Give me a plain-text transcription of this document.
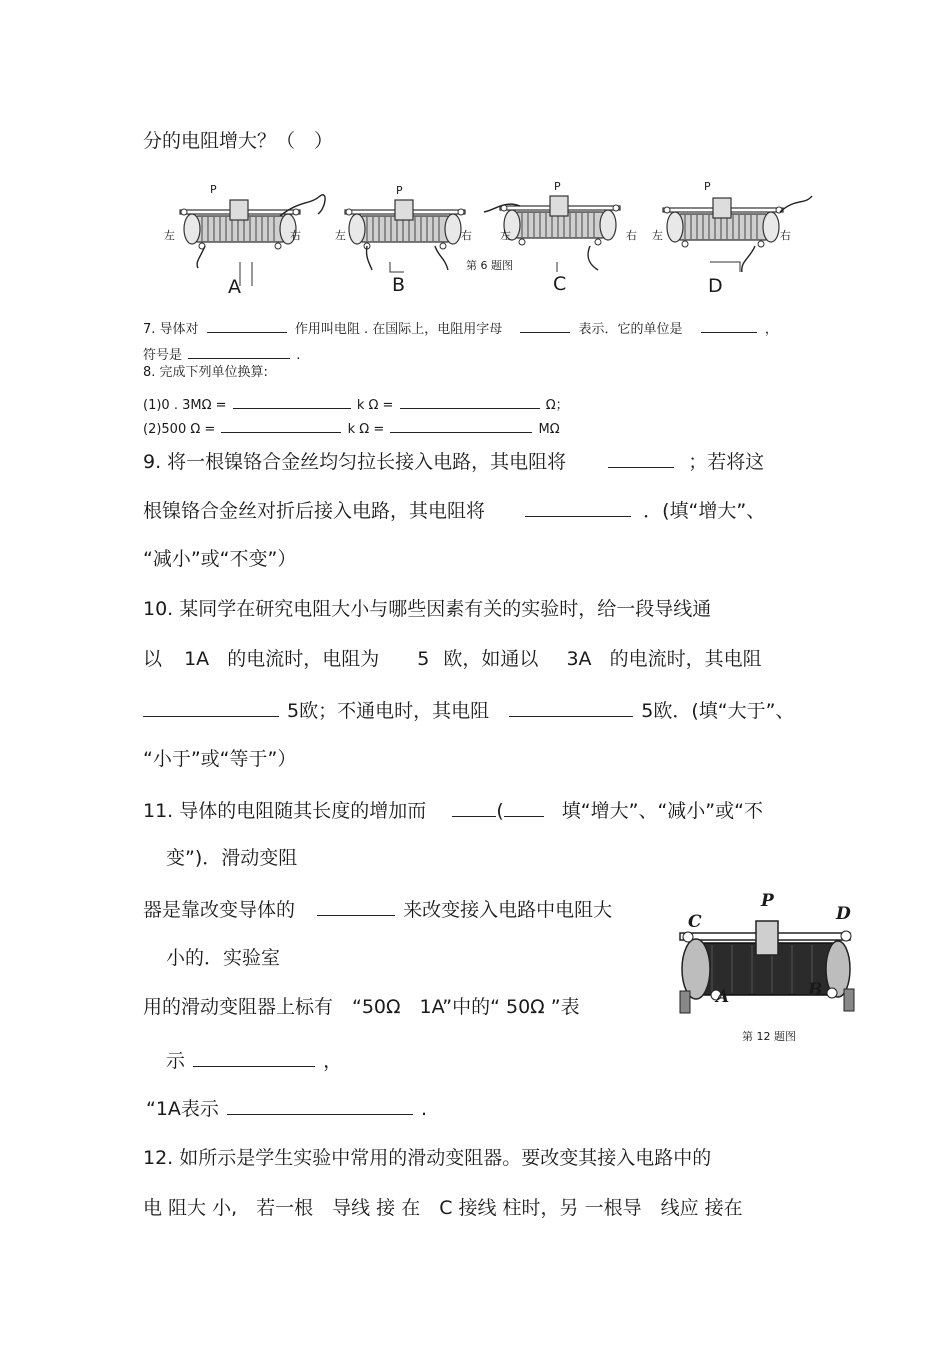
分的电阻增大？（　）
P	P	P	P
左	右	左	右	左	右 左	右
第 6 题图
A	B	C	D
7. 导体对	作用叫电阻 . 在国际上，电阻用字母	表示．它的单位是	，
符号是	.
8. 完成下列单位换算:
(1)0 . 3MΩ =	k Ω =	Ω；
(2)500 Ω =	k Ω =	MΩ
9. 将一根镍铬合金丝均匀拉长接入电路，其电阻将	；若将这
根镍铬合金丝对折后接入电路，其电阻将	．(填“增大”、
“减小”或“不变”）
10. 某同学在研究电阻大小与哪些因素有关的实验时，给一段导线通
以 1A 的电流时，电阻为 5 欧，如通以 3A 的电流时，其电阻
5欧；不通电时，其电阻	5欧．(填“大于”、
“小于”或“等于”）
11. 导体的电阻随其长度的增加而	(	填“增大”、“减小”或“不
变”)．滑动变阻
器是靠改变导体的	来改变接入电路中电阻大
小的．实验室
用的滑动变阻器上标有　“50Ω　1A”中的“ 50Ω ”表
示	，
“1A表示	.
C
P
D
A	B
第 12 题图
12. 如所示是学生实验中常用的滑动变阻器。要改变其接入电路中的
电 阻大 小,　若一根　导线 接 在　C 接线 柱时，另 一根导　线应 接在
